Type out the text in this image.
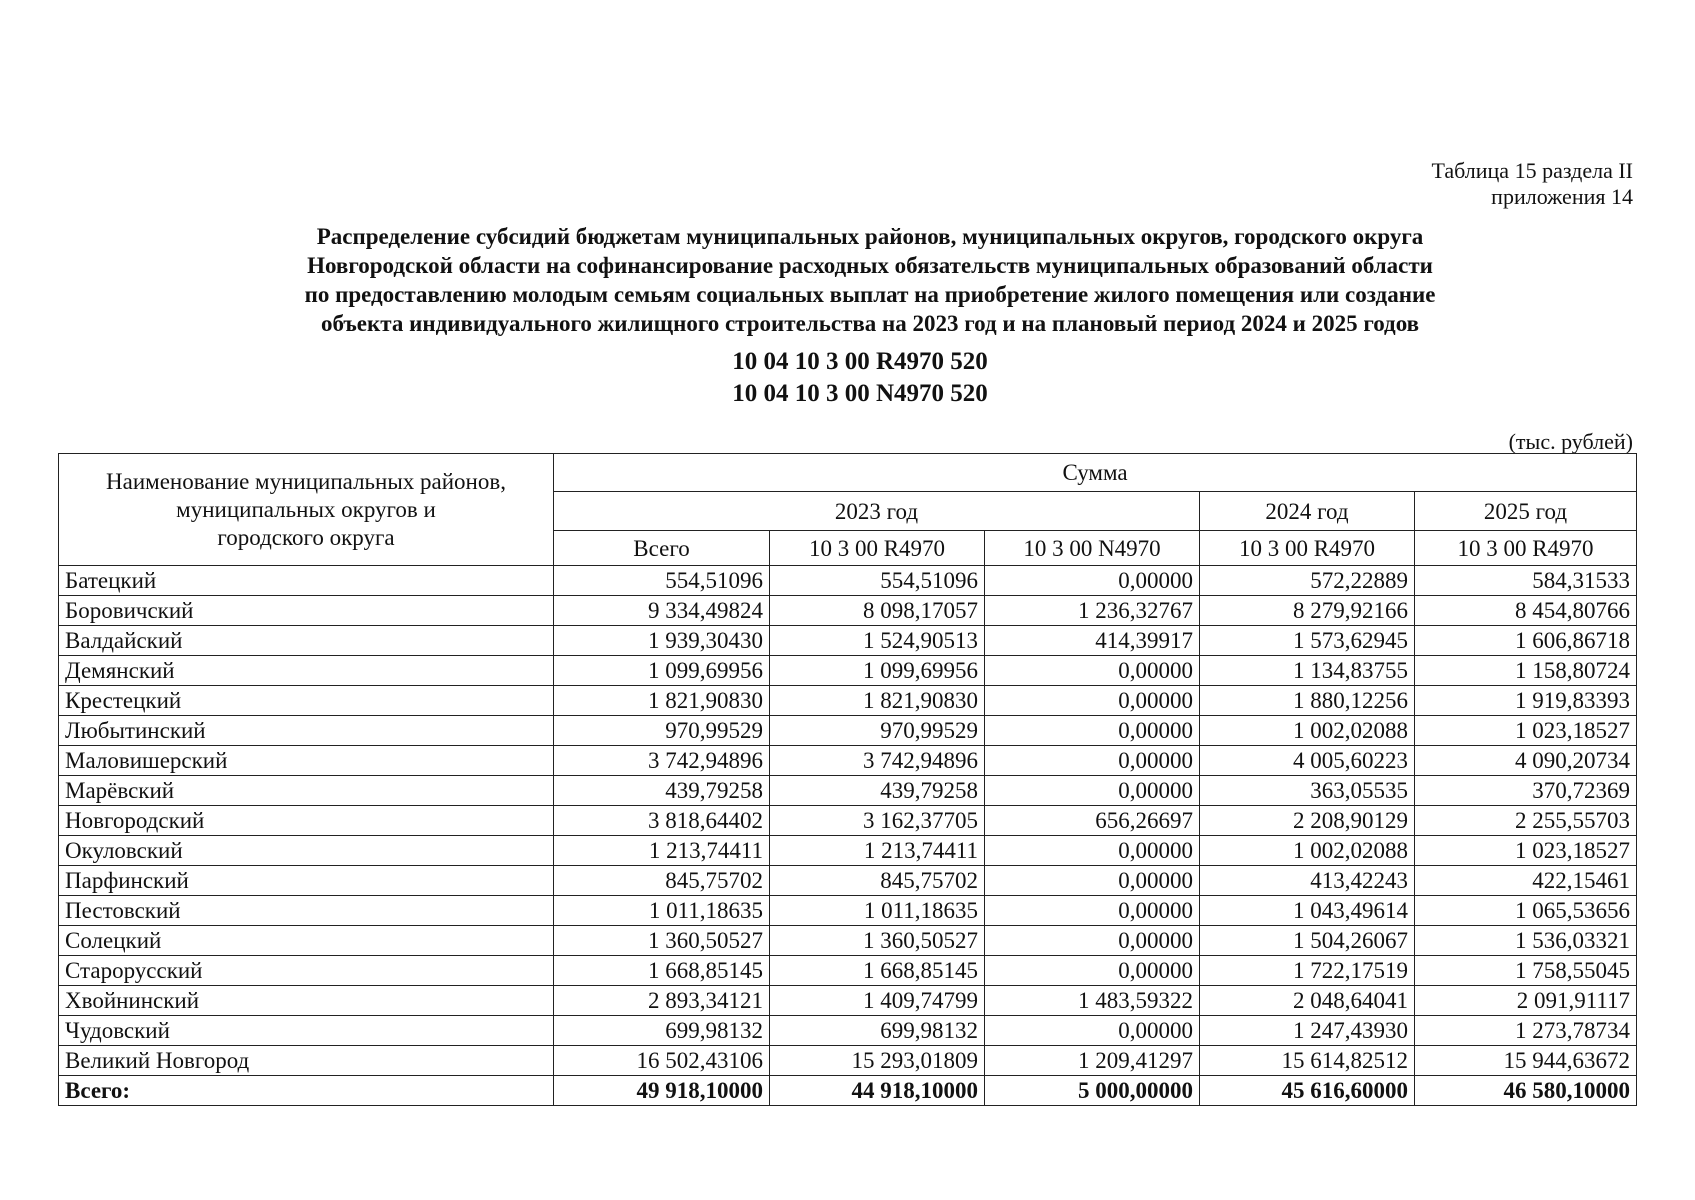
Таблица 15 раздела II
приложения 14
Распределение субсидий бюджетам муниципальных районов, муниципальных округов, городского округа
Новгородской области на софинансирование расходных обязательств муниципальных образований области
по предоставлению молодым семьям социальных выплат на приобретение жилого помещения или создание
объекта индивидуального жилищного строительства на 2023 год и на плановый период 2024 и 2025 годов
10 04 10 3 00 R4970 520
10 04 10 3 00 N4970 520
(тыс. рублей)
Наименование муниципальных районов,
муниципальных округов и
городского округа	Сумма				
	2023 год			2024 год	2025 год
	Всего	10 3 00 R4970	10 3 00 N4970	10 3 00 R4970	10 3 00 R4970
Батецкий	554,51096	554,51096	0,00000	572,22889	584,31533
Боровичский	9 334,49824	8 098,17057	1 236,32767	8 279,92166	8 454,80766
Валдайский	1 939,30430	1 524,90513	414,39917	1 573,62945	1 606,86718
Демянский	1 099,69956	1 099,69956	0,00000	1 134,83755	1 158,80724
Крестецкий	1 821,90830	1 821,90830	0,00000	1 880,12256	1 919,83393
Любытинский	970,99529	970,99529	0,00000	1 002,02088	1 023,18527
Маловишерский	3 742,94896	3 742,94896	0,00000	4 005,60223	4 090,20734
Марёвский	439,79258	439,79258	0,00000	363,05535	370,72369
Новгородский	3 818,64402	3 162,37705	656,26697	2 208,90129	2 255,55703
Окуловский	1 213,74411	1 213,74411	0,00000	1 002,02088	1 023,18527
Парфинский	845,75702	845,75702	0,00000	413,42243	422,15461
Пестовский	1 011,18635	1 011,18635	0,00000	1 043,49614	1 065,53656
Солецкий	1 360,50527	1 360,50527	0,00000	1 504,26067	1 536,03321
Старорусский	1 668,85145	1 668,85145	0,00000	1 722,17519	1 758,55045
Хвойнинский	2 893,34121	1 409,74799	1 483,59322	2 048,64041	2 091,91117
Чудовский	699,98132	699,98132	0,00000	1 247,43930	1 273,78734
Великий Новгород	16 502,43106	15 293,01809	1 209,41297	15 614,82512	15 944,63672
Всего:	49 918,10000	44 918,10000	5 000,00000	45 616,60000	46 580,10000
